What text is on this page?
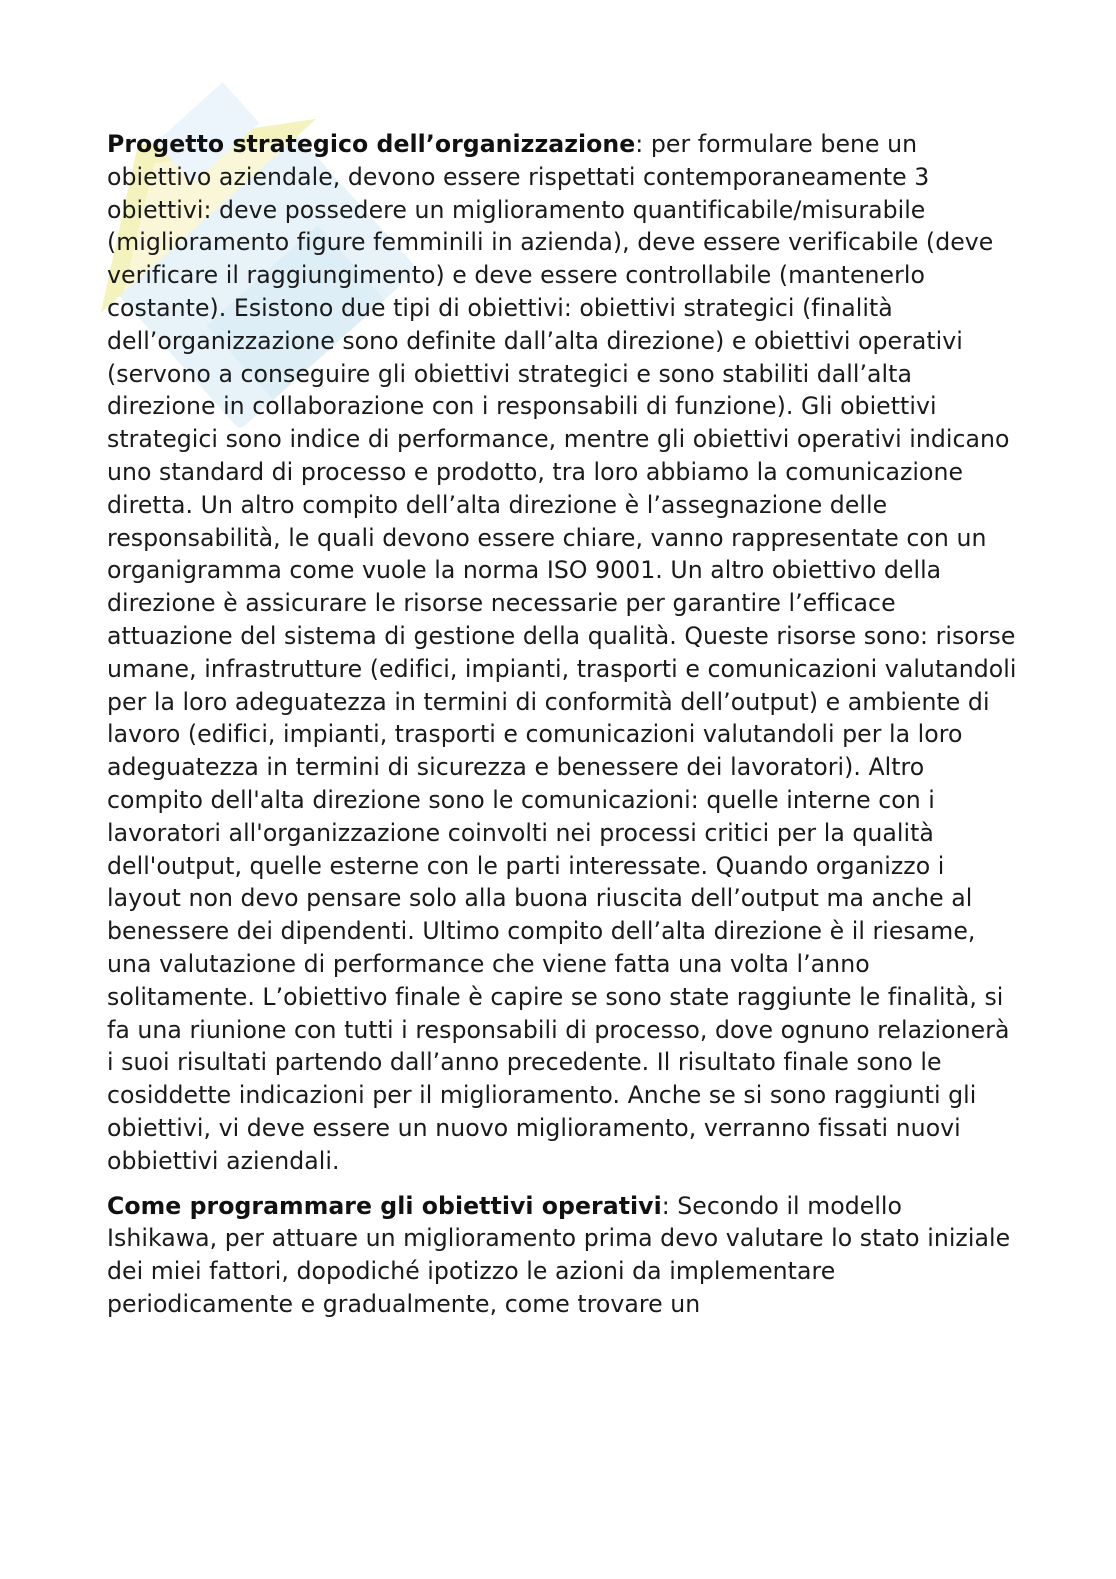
Progetto strategico dell’organizzazione: per formulare bene un obiettivo aziendale, devono essere rispettati contemporaneamente 3 obiettivi: deve possedere un miglioramento quantificabile/misurabile (miglioramento figure femminili in azienda), deve essere verificabile (deve verificare il raggiungimento) e deve essere controllabile (mantenerlo costante). Esistono due tipi di obiettivi: obiettivi strategici (finalità dell’organizzazione sono definite dall’alta direzione) e obiettivi operativi (servono a conseguire gli obiettivi strategici e sono stabiliti dall’alta direzione in collaborazione con i responsabili di funzione). Gli obiettivi strategici sono indice di performance, mentre gli obiettivi operativi indicano uno standard di processo e prodotto, tra loro abbiamo la comunicazione diretta. Un altro compito dell’alta direzione è l’assegnazione delle responsabilità, le quali devono essere chiare, vanno rappresentate con un organigramma come vuole la norma ISO 9001. Un altro obiettivo della direzione è assicurare le risorse necessarie per garantire l’efficace attuazione del sistema di gestione della qualità. Queste risorse sono: risorse umane, infrastrutture (edifici, impianti, trasporti e comunicazioni valutandoli per la loro adeguatezza in termini di conformità dell’output) e ambiente di lavoro (edifici, impianti, trasporti e comunicazioni valutandoli per la loro adeguatezza in termini di sicurezza e benessere dei lavoratori). Altro compito dell'alta direzione sono le comunicazioni: quelle interne con i lavoratori all'organizzazione coinvolti nei processi critici per la qualità dell'output, quelle esterne con le parti interessate. Quando organizzo i layout non devo pensare solo alla buona riuscita dell’output ma anche al benessere dei dipendenti. Ultimo compito dell’alta direzione è il riesame, una valutazione di performance che viene fatta una volta l’anno solitamente. L’obiettivo finale è capire se sono state raggiunte le finalità, si fa una riunione con tutti i responsabili di processo, dove ognuno relazionerà i suoi risultati partendo dall’anno precedente. Il risultato finale sono le cosiddette indicazioni per il miglioramento. Anche se si sono raggiunti gli obiettivi, vi deve essere un nuovo miglioramento, verranno fissati nuovi obbiettivi aziendali.

Come programmare gli obiettivi operativi: Secondo il modello Ishikawa, per attuare un miglioramento prima devo valutare lo stato iniziale dei miei fattori, dopodiché ipotizzo le azioni da implementare periodicamente e gradualmente, come trovare un
